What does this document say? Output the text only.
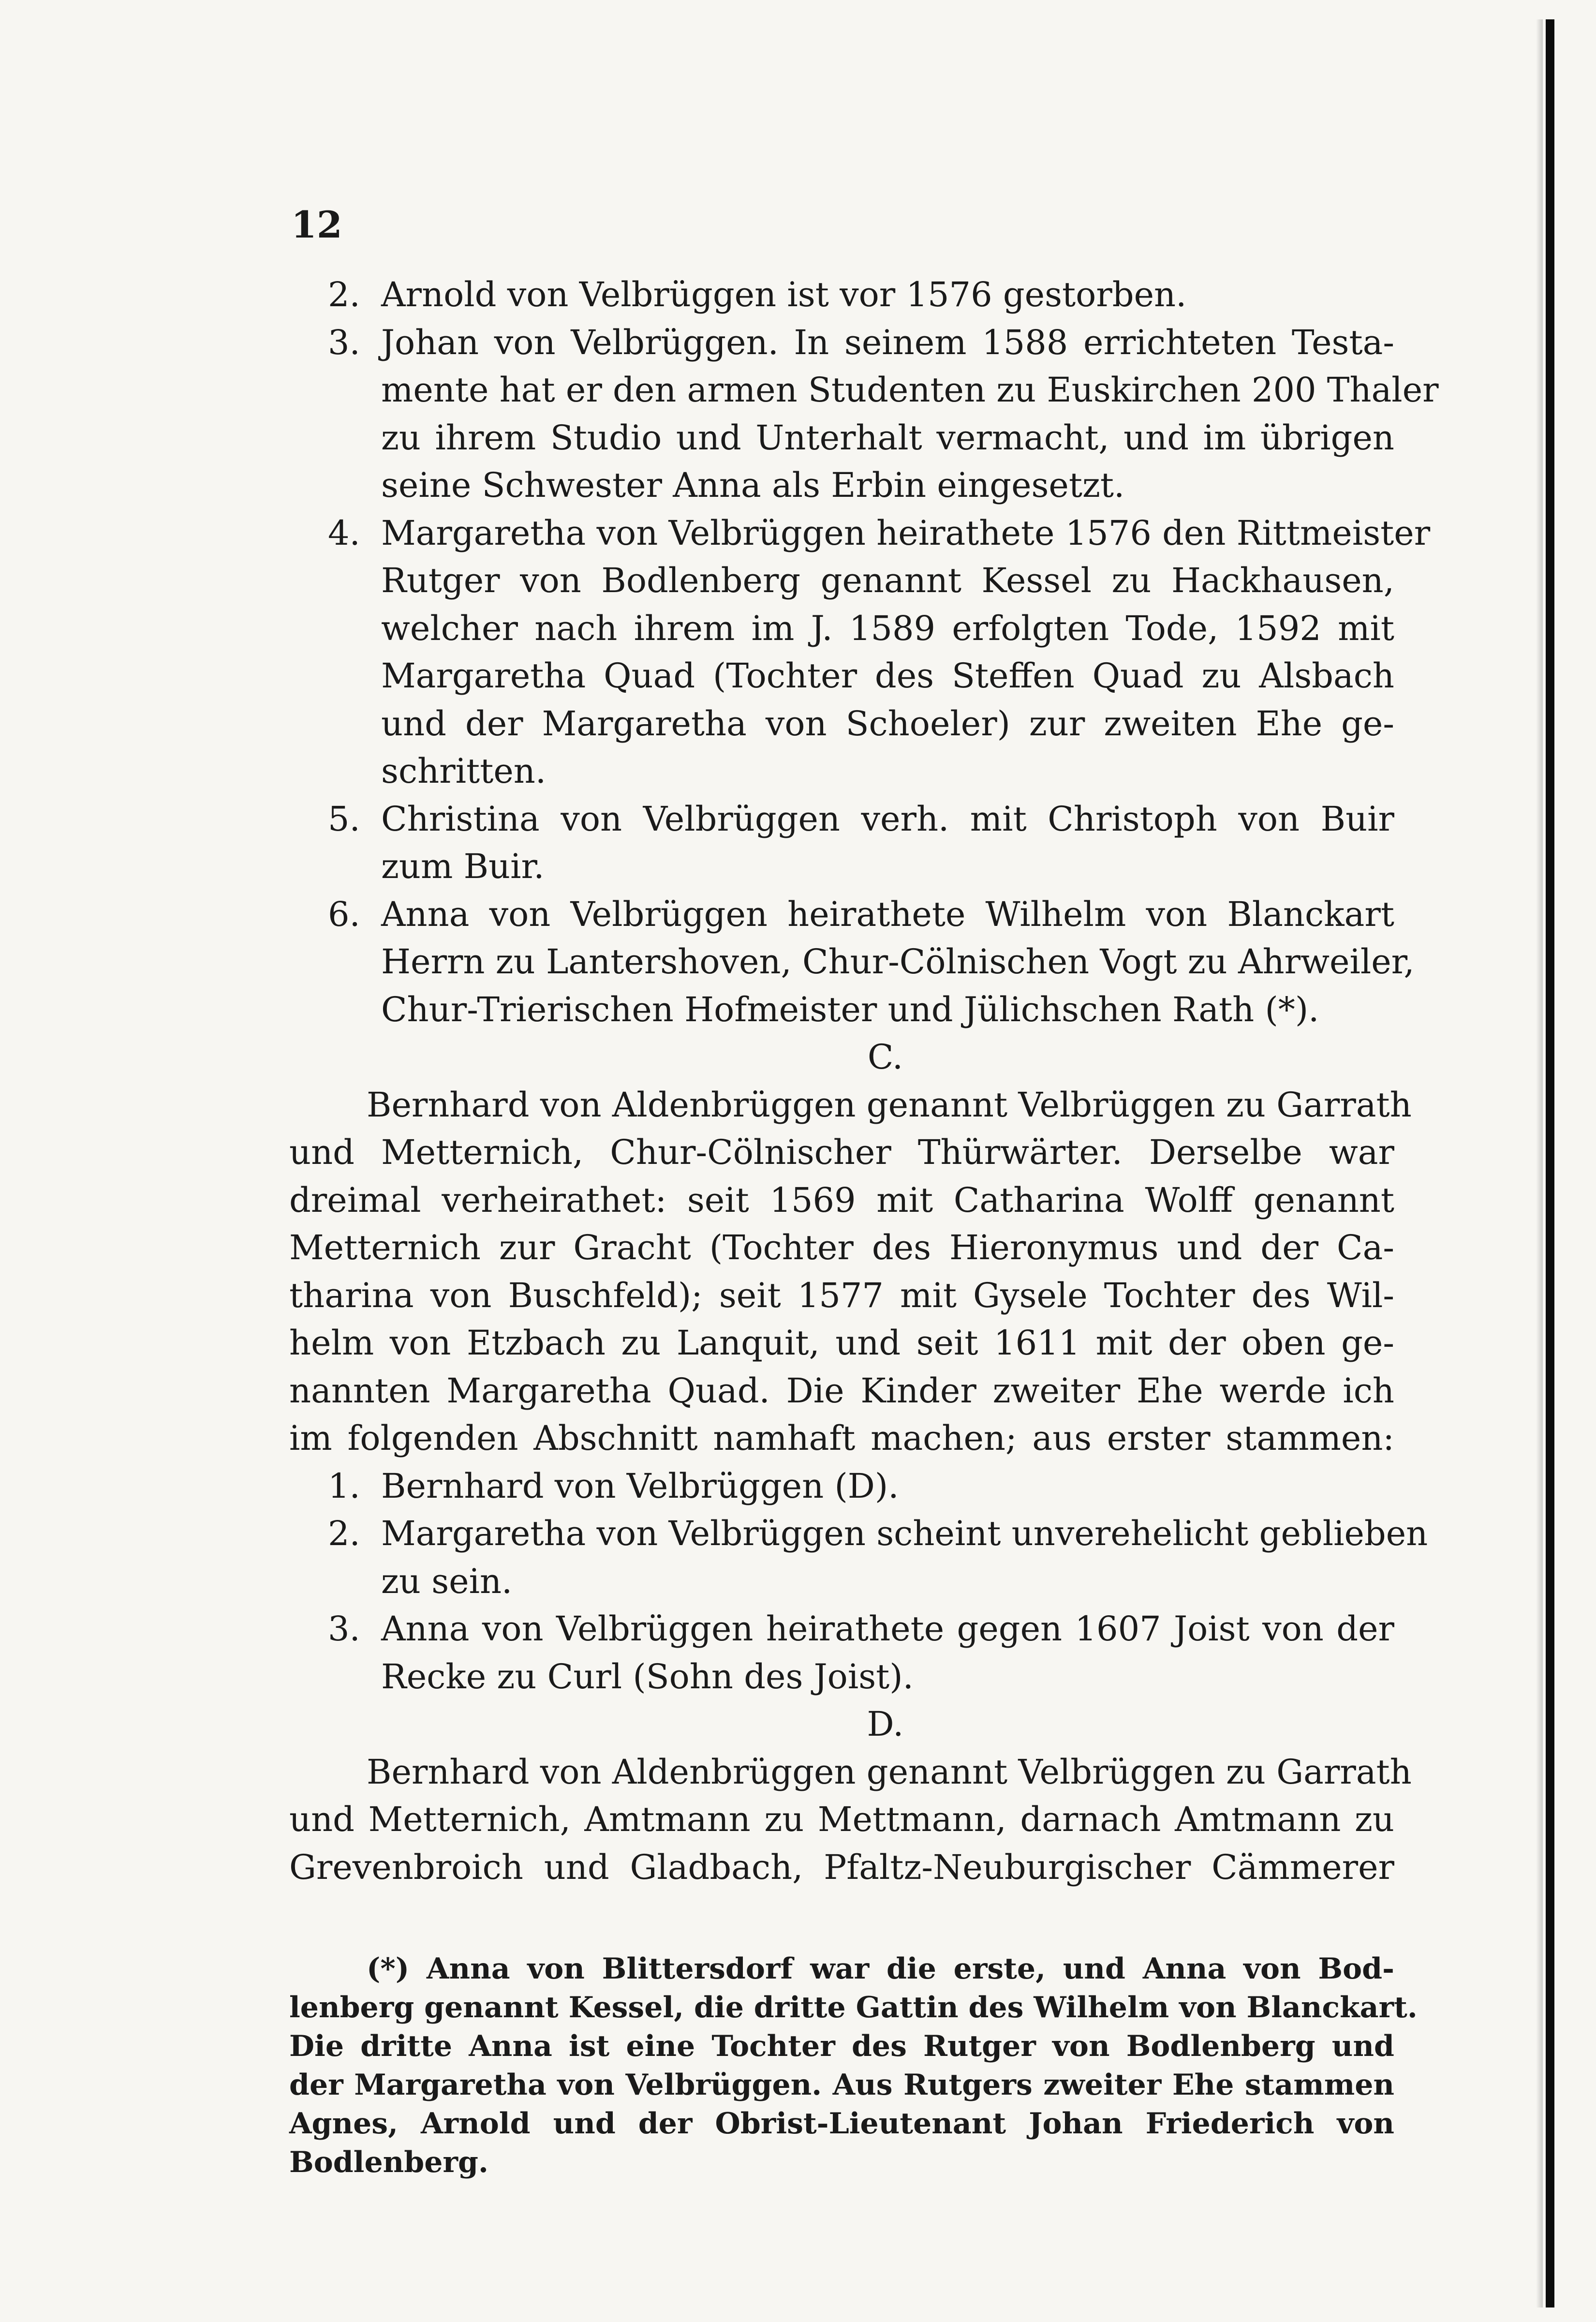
12
2. Arnold von Velbrüggen ist vor 1576 gestorben.
3. Johan von Velbrüggen. In seinem 1588 errichteten Testa-
mente hat er den armen Studenten zu Euskirchen 200 Thaler
zu ihrem Studio und Unterhalt vermacht, und im übrigen
seine Schwester Anna als Erbin eingesetzt.
4. Margaretha von Velbrüggen heirathete 1576 den Rittmeister
Rutger von Bodlenberg genannt Kessel zu Hackhausen,
welcher nach ihrem im J. 1589 erfolgten Tode, 1592 mit
Margaretha Quad (Tochter des Steffen Quad zu Alsbach
und der Margaretha von Schoeler) zur zweiten Ehe ge-
schritten.
5. Christina von Velbrüggen verh. mit Christoph von Buir
zum Buir.
6. Anna von Velbrüggen heirathete Wilhelm von Blanckart
Herrn zu Lantershoven, Chur-Cölnischen Vogt zu Ahrweiler,
Chur-Trierischen Hofmeister und Jülichschen Rath (*).
C.
Bernhard von Aldenbrüggen genannt Velbrüggen zu Garrath
und Metternich, Chur-Cölnischer Thürwärter. Derselbe war
dreimal verheirathet: seit 1569 mit Catharina Wolff genannt
Metternich zur Gracht (Tochter des Hieronymus und der Ca-
tharina von Buschfeld); seit 1577 mit Gysele Tochter des Wil-
helm von Etzbach zu Lanquit, und seit 1611 mit der oben ge-
nannten Margaretha Quad. Die Kinder zweiter Ehe werde ich
im folgenden Abschnitt namhaft machen; aus erster stammen:
1. Bernhard von Velbrüggen (D).
2. Margaretha von Velbrüggen scheint unverehelicht geblieben
zu sein.
3. Anna von Velbrüggen heirathete gegen 1607 Joist von der
Recke zu Curl (Sohn des Joist).
D.
Bernhard von Aldenbrüggen genannt Velbrüggen zu Garrath
und Metternich, Amtmann zu Mettmann, darnach Amtmann zu
Grevenbroich und Gladbach, Pfaltz-Neuburgischer Cämmerer
(*) Anna von Blittersdorf war die erste, und Anna von Bod-
lenberg genannt Kessel, die dritte Gattin des Wilhelm von Blanckart.
Die dritte Anna ist eine Tochter des Rutger von Bodlenberg und
der Margaretha von Velbrüggen. Aus Rutgers zweiter Ehe stammen
Agnes, Arnold und der Obrist-Lieutenant Johan Friederich von
Bodlenberg.
